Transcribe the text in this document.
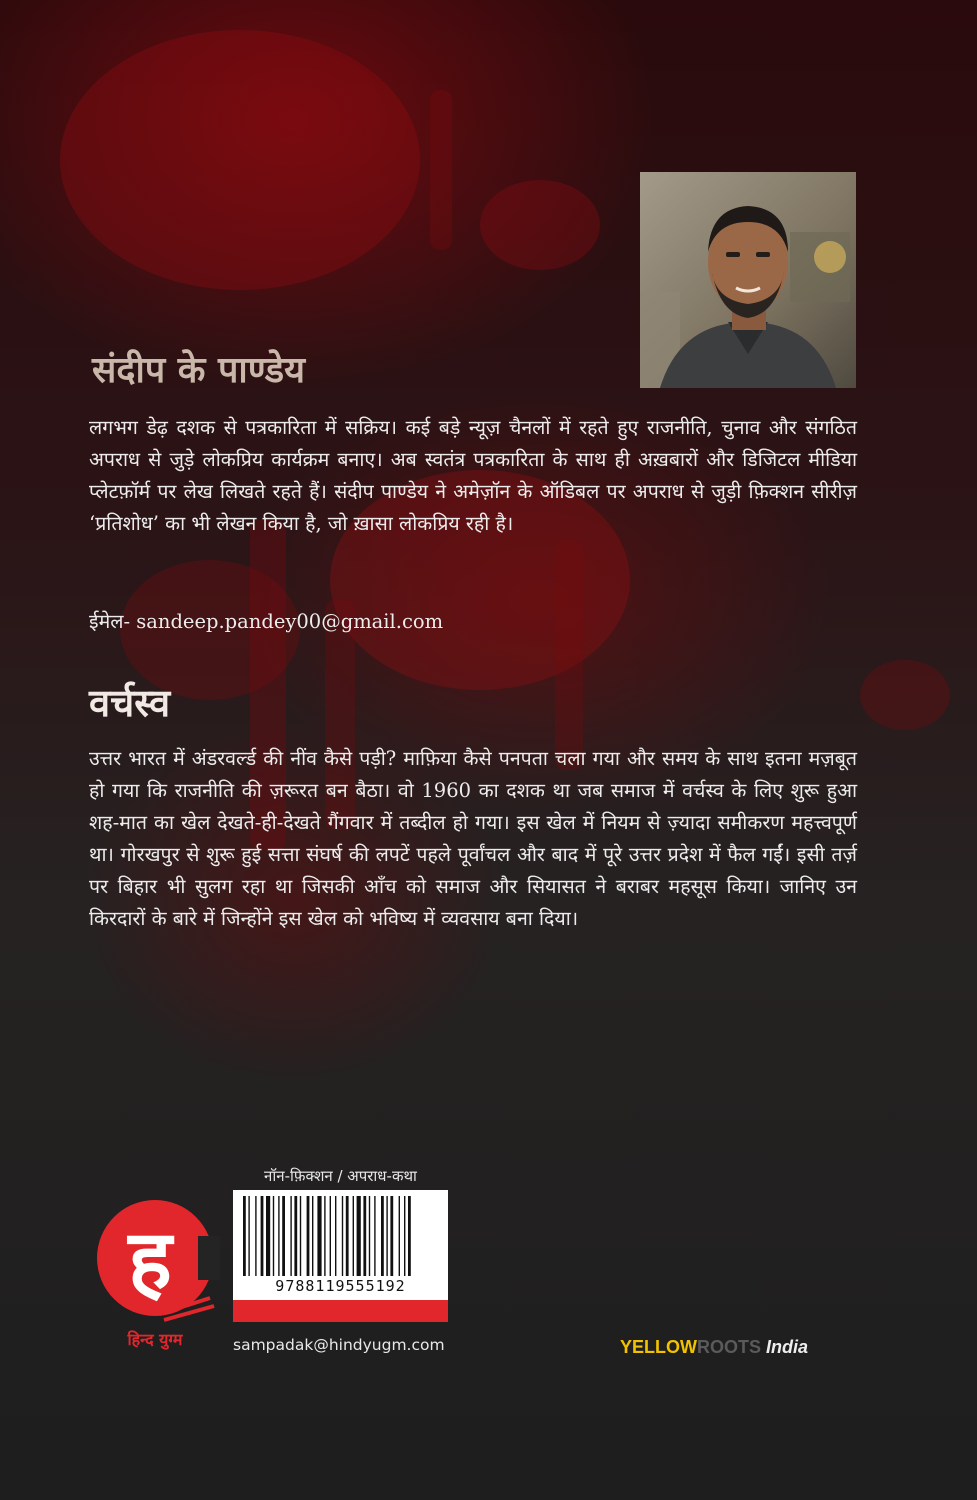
संदीप के पाण्डेय

लगभग डेढ़ दशक से पत्रकारिता में सक्रिय। कई बड़े न्यूज़ चैनलों में रहते हुए राजनीति, चुनाव और संगठित अपराध से जुड़े लोकप्रिय कार्यक्रम बनाए। अब स्वतंत्र पत्रकारिता के साथ ही अख़बारों और डिजिटल मीडिया प्लेटफ़ॉर्म पर लेख लिखते रहते हैं। संदीप पाण्डेय ने अमेज़ॉन के ऑडिबल पर अपराध से जुड़ी फ़िक्शन सीरीज़ ‘प्रतिशोध’ का भी लेखन किया है, जो ख़ासा लोकप्रिय रही है।

ईमेल- sandeep.pandey00@gmail.com

वर्चस्व

उत्तर भारत में अंडरवर्ल्ड की नींव कैसे पड़ी? माफ़िया कैसे पनपता चला गया और समय के साथ इतना मज़बूत हो गया कि राजनीति की ज़रूरत बन बैठा। वो 1960 का दशक था जब समाज में वर्चस्व के लिए शुरू हुआ शह-मात का खेल देखते-ही-देखते गैंगवार में तब्दील हो गया। इस खेल में नियम से ज़्यादा समीकरण महत्त्वपूर्ण था। गोरखपुर से शुरू हुई सत्ता संघर्ष की लपटें पहले पूर्वांचल और बाद में पूरे उत्तर प्रदेश में फैल गईं। इसी तर्ज़ पर बिहार भी सुलग रहा था जिसकी आँच को समाज और सियासत ने बराबर महसूस किया। जानिए उन किरदारों के बारे में जिन्होंने इस खेल को भविष्य में व्यवसाय बना दिया।

ह
हिन्द युग्म
नॉन-फ़िक्शन / अपराध-कथा
9788119555192
sampadak@hindyugm.com	YELLOWROOTS India
